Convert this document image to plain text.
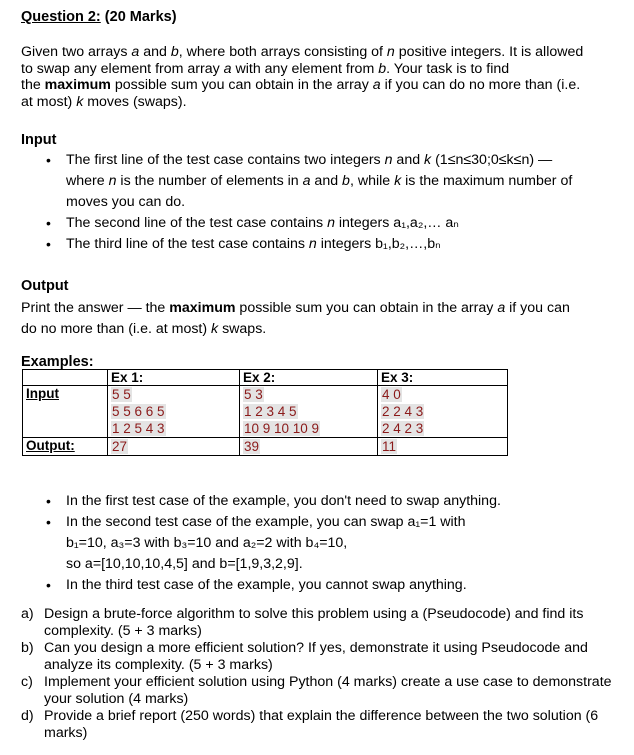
Question 2: (20 Marks)
Given two arrays a and b, where both arrays consisting of n positive integers. It is allowed
to swap any element from array a with any element from b. Your task is to find
the maximum possible sum you can obtain in the array a if you can do no more than (i.e.
at most) k moves (swaps).
Input
• The first line of the test case contains two integers n and k (1≤n≤30;0≤k≤n) —
where n is the number of elements in a and b, while k is the maximum number of
moves you can do.
• The second line of the test case contains n integers a₁,a₂,… aₙ
• The third line of the test case contains n integers b₁,b₂,…,bₙ
Output
Print the answer — the maximum possible sum you can obtain in the array a if you can
do no more than (i.e. at most) k swaps.
Examples:
	Ex 1:	Ex 2:	Ex 3:
Input	5 5
5 5 6 6 5
1 2 5 4 3	5 3
1 2 3 4 5
10 9 10 10 9	4 0
2 2 4 3
2 4 2 3
Output:	27	39	11
• In the first test case of the example, you don't need to swap anything.
• In the second test case of the example, you can swap a₁=1 with
b₁=10, a₃=3 with b₃=10 and a₂=2 with b₄=10,
so a=[10,10,10,4,5] and b=[1,9,3,2,9].
• In the third test case of the example, you cannot swap anything.
a) Design a brute-force algorithm to solve this problem using a (Pseudocode) and find its complexity. (5 + 3 marks)
b) Can you design a more efficient solution? If yes, demonstrate it using Pseudocode and analyze its complexity. (5 + 3 marks)
c) Implement your efficient solution using Python (4 marks) create a use case to demonstrate your solution (4 marks)
d) Provide a brief report (250 words) that explain the difference between the two solution (6 marks)
